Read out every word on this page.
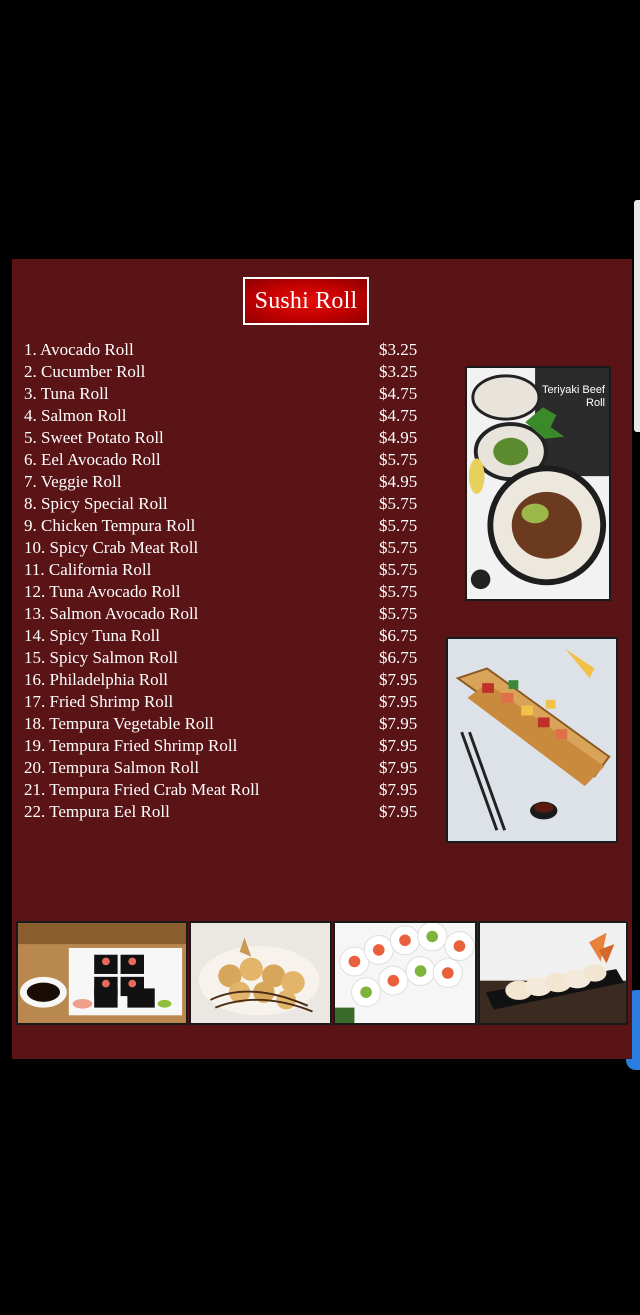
Sushi Roll
1. Avocado Roll	$3.25
2. Cucumber Roll	$3.25
3. Tuna Roll	$4.75
4. Salmon Roll	$4.75
5. Sweet Potato Roll	$4.95
6. Eel Avocado Roll	$5.75
7. Veggie Roll	$4.95
8. Spicy Special Roll	$5.75
9. Chicken Tempura Roll	$5.75
10. Spicy Crab Meat Roll	$5.75
11. California Roll	$5.75
12. Tuna Avocado Roll	$5.75
13. Salmon Avocado Roll	$5.75
14. Spicy Tuna Roll	$6.75
15. Spicy Salmon Roll	$6.75
16. Philadelphia Roll	$7.95
17. Fried Shrimp Roll	$7.95
18. Tempura Vegetable Roll	$7.95
19. Tempura Fried Shrimp Roll	$7.95
20. Tempura Salmon Roll	$7.95
21. Tempura Fried Crab Meat Roll	$7.95
22. Tempura Eel Roll	$7.95
Teriyaki Beef
Roll
